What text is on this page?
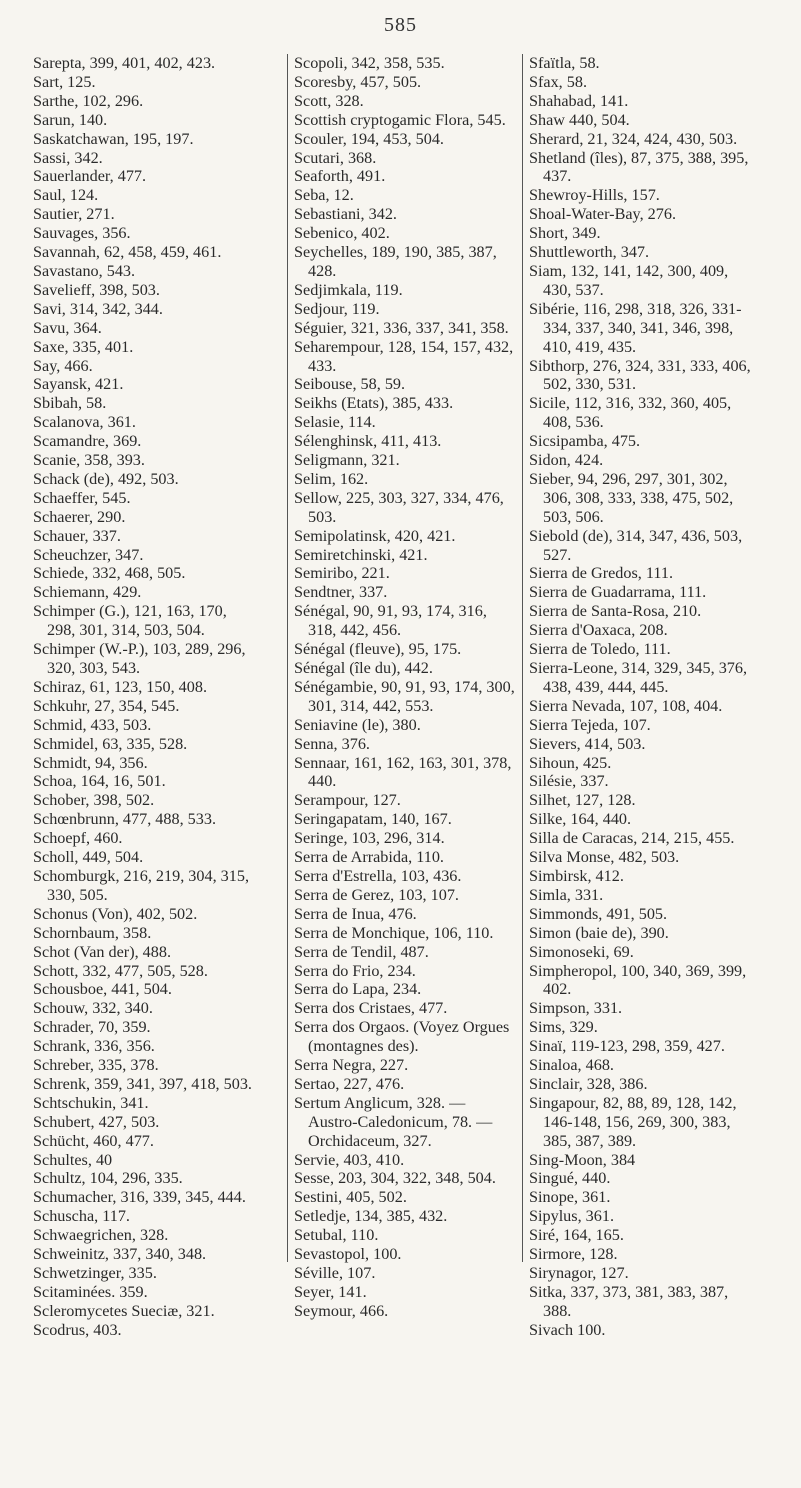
585

Sarepta, 399, 401, 402, 423.

Sart, 125.

Sarthe, 102, 296.

Sarun, 140.

Saskatchawan, 195, 197.

Sassi, 342.

Sauerlander, 477.

Saul, 124.

Sautier, 271.

Sauvages, 356.

Savannah, 62, 458, 459, 461.

Savastano, 543.

Savelieff, 398, 503.

Savi, 314, 342, 344.

Savu, 364.

Saxe, 335, 401.

Say, 466.

Sayansk, 421.

Sbibah, 58.

Scalanova, 361.

Scamandre, 369.

Scanie, 358, 393.

Schack (de), 492, 503.

Schaeffer, 545.

Schaerer, 290.

Schauer, 337.

Scheuchzer, 347.

Schiede, 332, 468, 505.

Schiemann, 429.

Schimper (G.), 121, 163, 170, 298, 301, 314, 503, 504.

Schimper (W.-P.), 103, 289, 296, 320, 303, 543.

Schiraz, 61, 123, 150, 408.

Schkuhr, 27, 354, 545.

Schmid, 433, 503.

Schmidel, 63, 335, 528.

Schmidt, 94, 356.

Schoa, 164, 16, 501.

Schober, 398, 502.

Schœnbrunn, 477, 488, 533.

Schoepf, 460.

Scholl, 449, 504.

Schomburgk, 216, 219, 304, 315, 330, 505.

Schonus (Von), 402, 502.

Schornbaum, 358.

Schot (Van der), 488.

Schott, 332, 477, 505, 528.

Schousboe, 441, 504.

Schouw, 332, 340.

Schrader, 70, 359.

Schrank, 336, 356.

Schreber, 335, 378.

Schrenk, 359, 341, 397, 418, 503.

Schtschukin, 341.

Schubert, 427, 503.

Schücht, 460, 477.

Schultes, 40

Schultz, 104, 296, 335.

Schumacher, 316, 339, 345, 444.

Schuscha, 117.

Schwaegrichen, 328.

Schweinitz, 337, 340, 348.

Schwetzinger, 335.

Scitaminées. 359.

Scleromycetes Sueciæ, 321.

Scodrus, 403.

Scopoli, 342, 358, 535.

Scoresby, 457, 505.

Scott, 328.

Scottish cryptogamic Flora, 545.

Scouler, 194, 453, 504.

Scutari, 368.

Seaforth, 491.

Seba, 12.

Sebastiani, 342.

Sebenico, 402.

Seychelles, 189, 190, 385, 387, 428.

Sedjimkala, 119.

Sedjour, 119.

Séguier, 321, 336, 337, 341, 358.

Seharempour, 128, 154, 157, 432, 433.

Seibouse, 58, 59.

Seikhs (Etats), 385, 433.

Selasie, 114.

Sélenghinsk, 411, 413.

Seligmann, 321.

Selim, 162.

Sellow, 225, 303, 327, 334, 476, 503.

Semipolatinsk, 420, 421.

Semiretchinski, 421.

Semiribo, 221.

Sendtner, 337.

Sénégal, 90, 91, 93, 174, 316, 318, 442, 456.

Sénégal (fleuve), 95, 175.

Sénégal (île du), 442.

Sénégambie, 90, 91, 93, 174, 300, 301, 314, 442, 553.

Seniavine (le), 380.

Senna, 376.

Sennaar, 161, 162, 163, 301, 378, 440.

Serampour, 127.

Seringapatam, 140, 167.

Seringe, 103, 296, 314.

Serra de Arrabida, 110.

Serra d'Estrella, 103, 436.

Serra de Gerez, 103, 107.

Serra de Inua, 476.

Serra de Monchique, 106, 110.

Serra de Tendil, 487.

Serra do Frio, 234.

Serra do Lapa, 234.

Serra dos Cristaes, 477.

Serra dos Orgaos. (Voyez Orgues (montagnes des).

Serra Negra, 227.

Sertao, 227, 476.

Sertum Anglicum, 328. — Austro-Caledonicum, 78. — Orchidaceum, 327.

Servie, 403, 410.

Sesse, 203, 304, 322, 348, 504.

Sestini, 405, 502.

Setledje, 134, 385, 432.

Setubal, 110.

Sevastopol, 100.

Séville, 107.

Seyer, 141.

Seymour, 466.

Sfaïtla, 58.

Sfax, 58.

Shahabad, 141.

Shaw 440, 504.

Sherard, 21, 324, 424, 430, 503.

Shetland (îles), 87, 375, 388, 395, 437.

Shewroy-Hills, 157.

Shoal-Water-Bay, 276.

Short, 349.

Shuttleworth, 347.

Siam, 132, 141, 142, 300, 409, 430, 537.

Sibérie, 116, 298, 318, 326, 331-334, 337, 340, 341, 346, 398, 410, 419, 435.

Sibthorp, 276, 324, 331, 333, 406, 502, 330, 531.

Sicile, 112, 316, 332, 360, 405, 408, 536.

Sicsipamba, 475.

Sidon, 424.

Sieber, 94, 296, 297, 301, 302, 306, 308, 333, 338, 475, 502, 503, 506.

Siebold (de), 314, 347, 436, 503, 527.

Sierra de Gredos, 111.

Sierra de Guadarrama, 111.

Sierra de Santa-Rosa, 210.

Sierra d'Oaxaca, 208.

Sierra de Toledo, 111.

Sierra-Leone, 314, 329, 345, 376, 438, 439, 444, 445.

Sierra Nevada, 107, 108, 404.

Sierra Tejeda, 107.

Sievers, 414, 503.

Sihoun, 425.

Silésie, 337.

Silhet, 127, 128.

Silke, 164, 440.

Silla de Caracas, 214, 215, 455.

Silva Monse, 482, 503.

Simbirsk, 412.

Simla, 331.

Simmonds, 491, 505.

Simon (baie de), 390.

Simonoseki, 69.

Simpheropol, 100, 340, 369, 399, 402.

Simpson, 331.

Sims, 329.

Sinaï, 119-123, 298, 359, 427.

Sinaloa, 468.

Sinclair, 328, 386.

Singapour, 82, 88, 89, 128, 142, 146-148, 156, 269, 300, 383, 385, 387, 389.

Sing-Moon, 384

Singué, 440.

Sinope, 361.

Sipylus, 361.

Siré, 164, 165.

Sirmore, 128.

Sirynagor, 127.

Sitka, 337, 373, 381, 383, 387, 388.

Sivach 100.
